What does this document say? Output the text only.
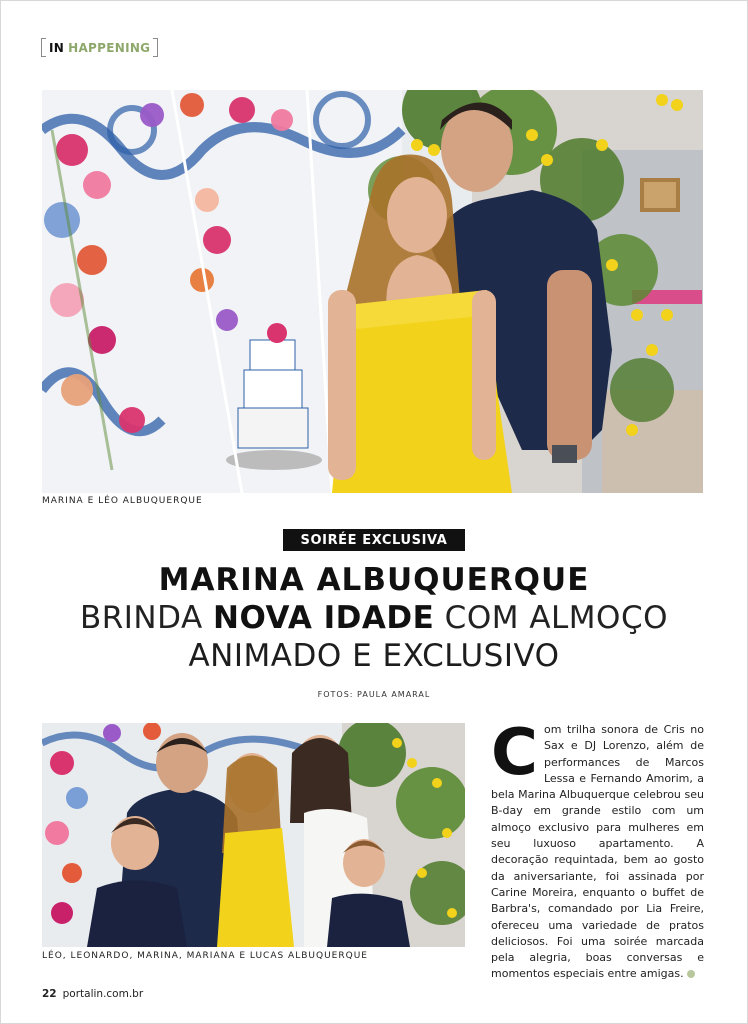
IN HAPPENING
MARINA E LÉO ALBUQUERQUE
SOIRÉE EXCLUSIVA
MARINA ALBUQUERQUE
BRINDA NOVA IDADE COM ALMOÇO
ANIMADO E EXCLUSIVO
FOTOS: PAULA AMARAL
LÉO, LEONARDO, MARINA, MARIANA E LUCAS ALBUQUERQUE
Com trilha sonora de Cris no Sax e DJ Lorenzo, além de performances de Marcos Lessa e Fernando Amorim, a bela Marina Albuquerque celebrou seu B-day em grande estilo com um almoço exclusivo para mulheres em seu luxuoso apartamento. A decoração requintada, bem ao gosto da aniversariante, foi assinada por Carine Moreira, enquanto o buffet de Barbra's, comandado por Lia Freire, ofereceu uma variedade de pratos deliciosos. Foi uma soirée marcada pela alegria, boas conversas e momentos especiais entre amigas.
22 portalin.com.br
